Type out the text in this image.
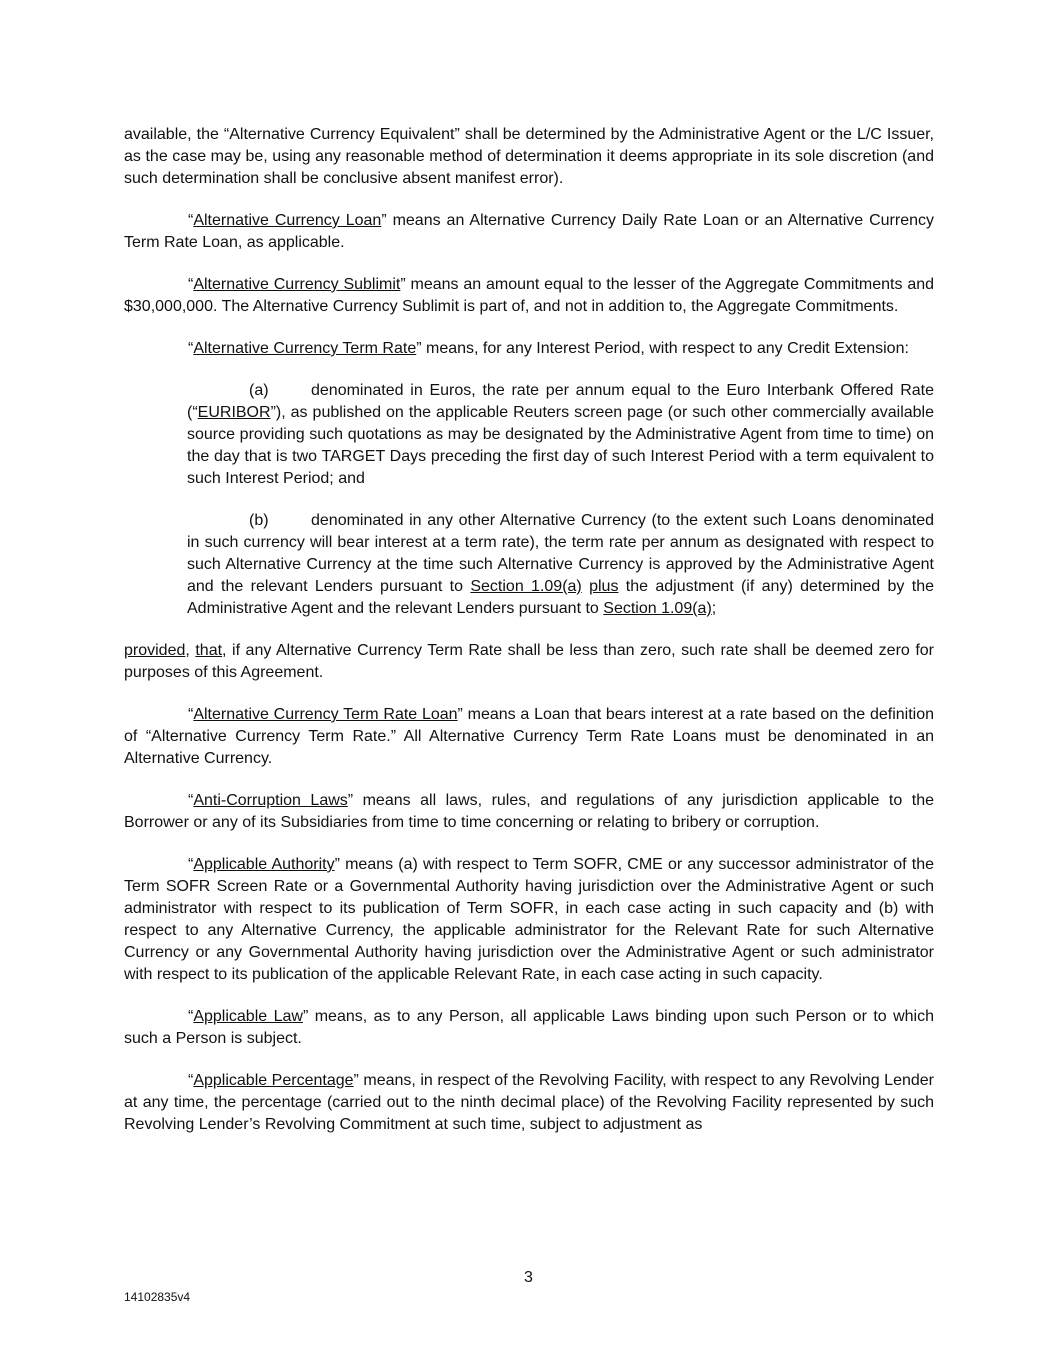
available, the “Alternative Currency Equivalent” shall be determined by the Administrative Agent or the L/C Issuer, as the case may be, using any reasonable method of determination it deems appropriate in its sole discretion (and such determination shall be conclusive absent manifest error).

“Alternative Currency Loan” means an Alternative Currency Daily Rate Loan or an Alternative Currency Term Rate Loan, as applicable.

“Alternative Currency Sublimit” means an amount equal to the lesser of the Aggregate Commitments and $30,000,000. The Alternative Currency Sublimit is part of, and not in addition to, the Aggregate Commitments.

“Alternative Currency Term Rate” means, for any Interest Period, with respect to any Credit Extension:

(a)	denominated in Euros, the rate per annum equal to the Euro Interbank Offered Rate (“EURIBOR”), as published on the applicable Reuters screen page (or such other commercially available source providing such quotations as may be designated by the Administrative Agent from time to time) on the day that is two TARGET Days preceding the first day of such Interest Period with a term equivalent to such Interest Period; and

(b)	denominated in any other Alternative Currency (to the extent such Loans denominated in such currency will bear interest at a term rate), the term rate per annum as designated with respect to such Alternative Currency at the time such Alternative Currency is approved by the Administrative Agent and the relevant Lenders pursuant to Section 1.09(a) plus the adjustment (if any) determined by the Administrative Agent and the relevant Lenders pursuant to Section 1.09(a);

provided, that, if any Alternative Currency Term Rate shall be less than zero, such rate shall be deemed zero for purposes of this Agreement.

“Alternative Currency Term Rate Loan” means a Loan that bears interest at a rate based on the definition of “Alternative Currency Term Rate.” All Alternative Currency Term Rate Loans must be denominated in an Alternative Currency.

“Anti-Corruption Laws” means all laws, rules, and regulations of any jurisdiction applicable to the Borrower or any of its Subsidiaries from time to time concerning or relating to bribery or corruption.

“Applicable Authority” means (a) with respect to Term SOFR, CME or any successor administrator of the Term SOFR Screen Rate or a Governmental Authority having jurisdiction over the Administrative Agent or such administrator with respect to its publication of Term SOFR, in each case acting in such capacity and (b) with respect to any Alternative Currency, the applicable administrator for the Relevant Rate for such Alternative Currency or any Governmental Authority having jurisdiction over the Administrative Agent or such administrator with respect to its publication of the applicable Relevant Rate, in each case acting in such capacity.

“Applicable Law” means, as to any Person, all applicable Laws binding upon such Person or to which such a Person is subject.

“Applicable Percentage” means, in respect of the Revolving Facility, with respect to any Revolving Lender at any time, the percentage (carried out to the ninth decimal place) of the Revolving Facility represented by such Revolving Lender’s Revolving Commitment at such time, subject to adjustment as

3
14102835v4
